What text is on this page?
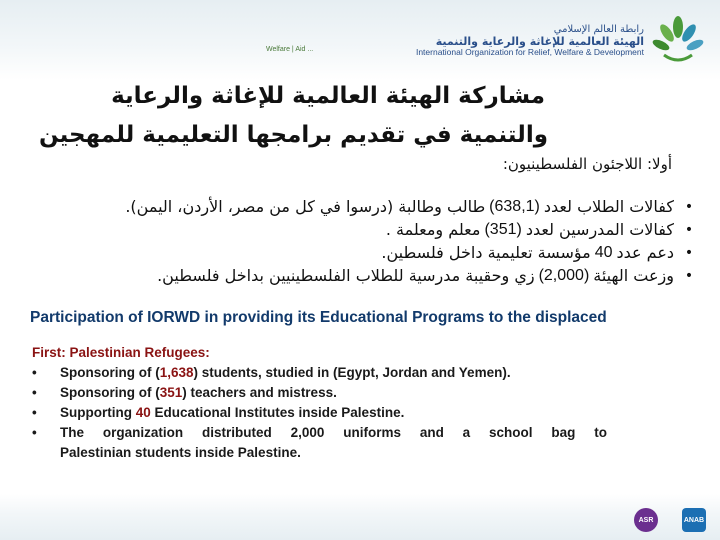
رابطة العالم الإسلامي
الهيئة العالمية للإغاثة والرعاية والتنمية
International Organization for Relief, Welfare & Development
Welfare | Aid ...
مشاركة الهيئة العالمية للإغاثة والرعاية
والتنمية في تقديم برامجها التعليمية للمهجين
أولا: اللاجئون الفلسطينيون:
•
كفالات الطلاب لعدد
(638,1)
طالب وطالبة (درسوا في كل من مصر، الأردن، اليمن).
•
كفالات المدرسين لعدد
(351)
معلم ومعلمة .
•
دعم عدد
40
مؤسسة تعليمية داخل فلسطين.
•
وزعت الهيئة
(2,000)
زي وحقيبة مدرسية للطلاب الفلسطينيين بداخل فلسطين.
Participation of IORWD in providing its Educational Programs to the displaced
First: Palestinian Refugees:
•	Sponsoring of (1,638) students, studied in (Egypt, Jordan and Yemen).
•	Sponsoring of (351) teachers and mistress.
•	Supporting 40 Educational Institutes inside Palestine.
•	The organization distributed 2,000 uniforms and a school bag to
Palestinian students inside Palestine.
ASR	ANAB
